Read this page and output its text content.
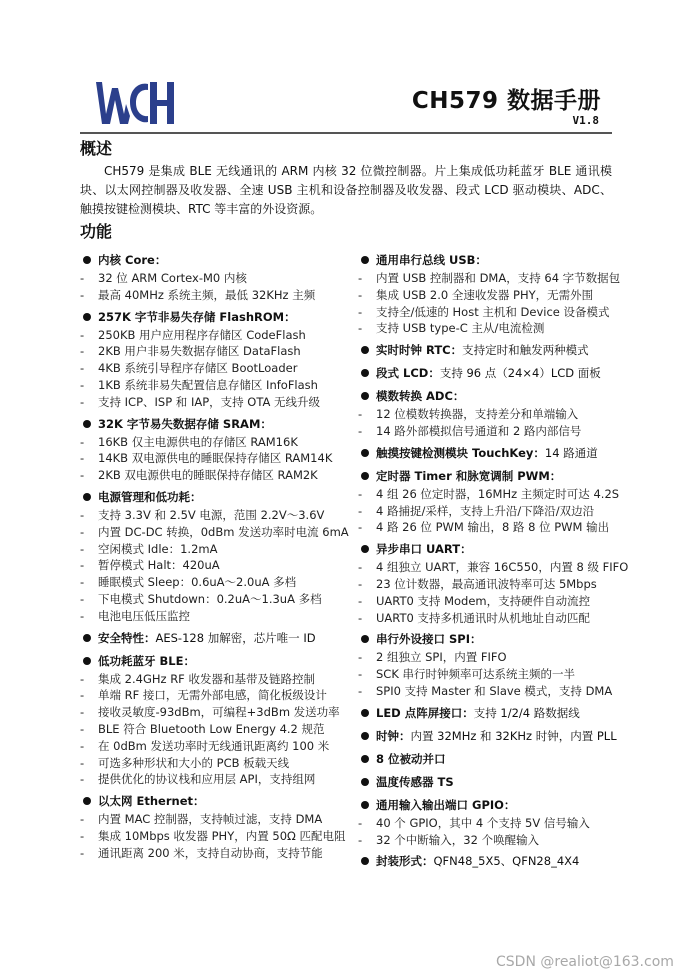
CH579 数据手册
V1.8
概述
CH579 是集成 BLE 无线通讯的 ARM 内核 32 位微控制器。片上集成低功耗蓝牙 BLE 通讯模块、以太网控制器及收发器、全速 USB 主机和设备控制器及收发器、段式 LCD 驱动模块、ADC、触摸按键检测模块、RTC 等丰富的外设资源。
功能
内核 Core：
- 32 位 ARM Cortex-M0 内核
- 最高 40MHz 系统主频，最低 32KHz 主频
257K 字节非易失存储 FlashROM：
- 250KB 用户应用程序存储区 CodeFlash
- 2KB 用户非易失数据存储区 DataFlash
- 4KB 系统引导程序存储区 BootLoader
- 1KB 系统非易失配置信息存储区 InfoFlash
- 支持 ICP、ISP 和 IAP，支持 OTA 无线升级
32K 字节易失数据存储 SRAM：
- 16KB 仅主电源供电的存储区 RAM16K
- 14KB 双电源供电的睡眠保持存储区 RAM14K
- 2KB 双电源供电的睡眠保持存储区 RAM2K
电源管理和低功耗：
- 支持 3.3V 和 2.5V 电源，范围 2.2V～3.6V
- 内置 DC-DC 转换，0dBm 发送功率时电流 6mA
- 空闲模式 Idle：1.2mA
- 暂停模式 Halt：420uA
- 睡眠模式 Sleep：0.6uA～2.0uA 多档
- 下电模式 Shutdown：0.2uA～1.3uA 多档
- 电池电压低压监控
安全特性：AES-128 加解密，芯片唯一 ID
低功耗蓝牙 BLE：
- 集成 2.4GHz RF 收发器和基带及链路控制
- 单端 RF 接口，无需外部电感，简化板级设计
- 接收灵敏度-93dBm，可编程+3dBm 发送功率
- BLE 符合 Bluetooth Low Energy 4.2 规范
- 在 0dBm 发送功率时无线通讯距离约 100 米
- 可选多种形状和大小的 PCB 板载天线
- 提供优化的协议栈和应用层 API，支持组网
以太网 Ethernet：
- 内置 MAC 控制器，支持帧过滤，支持 DMA
- 集成 10Mbps 收发器 PHY，内置 50Ω 匹配电阻
- 通讯距离 200 米，支持自动协商，支持节能
通用串行总线 USB：
- 内置 USB 控制器和 DMA，支持 64 字节数据包
- 集成 USB 2.0 全速收发器 PHY，无需外围
- 支持全/低速的 Host 主机和 Device 设备模式
- 支持 USB type-C 主从/电流检测
实时时钟 RTC：支持定时和触发两种模式
段式 LCD：支持 96 点（24×4）LCD 面板
模数转换 ADC：
- 12 位模数转换器，支持差分和单端输入
- 14 路外部模拟信号通道和 2 路内部信号
触摸按键检测模块 TouchKey：14 路通道
定时器 Timer 和脉宽调制 PWM：
- 4 组 26 位定时器，16MHz 主频定时可达 4.2S
- 4 路捕捉/采样，支持上升沿/下降沿/双边沿
- 4 路 26 位 PWM 输出，8 路 8 位 PWM 输出
异步串口 UART：
- 4 组独立 UART，兼容 16C550，内置 8 级 FIFO
- 23 位计数器，最高通讯波特率可达 5Mbps
- UART0 支持 Modem，支持硬件自动流控
- UART0 支持多机通讯时从机地址自动匹配
串行外设接口 SPI：
- 2 组独立 SPI，内置 FIFO
- SCK 串行时钟频率可达系统主频的一半
- SPI0 支持 Master 和 Slave 模式，支持 DMA
LED 点阵屏接口：支持 1/2/4 路数据线
时钟：内置 32MHz 和 32KHz 时钟，内置 PLL
8 位被动并口
温度传感器 TS
通用输入输出端口 GPIO：
- 40 个 GPIO，其中 4 个支持 5V 信号输入
- 32 个中断输入，32 个唤醒输入
封装形式：QFN48_5X5、QFN28_4X4
CSDN @realiot@163.com
